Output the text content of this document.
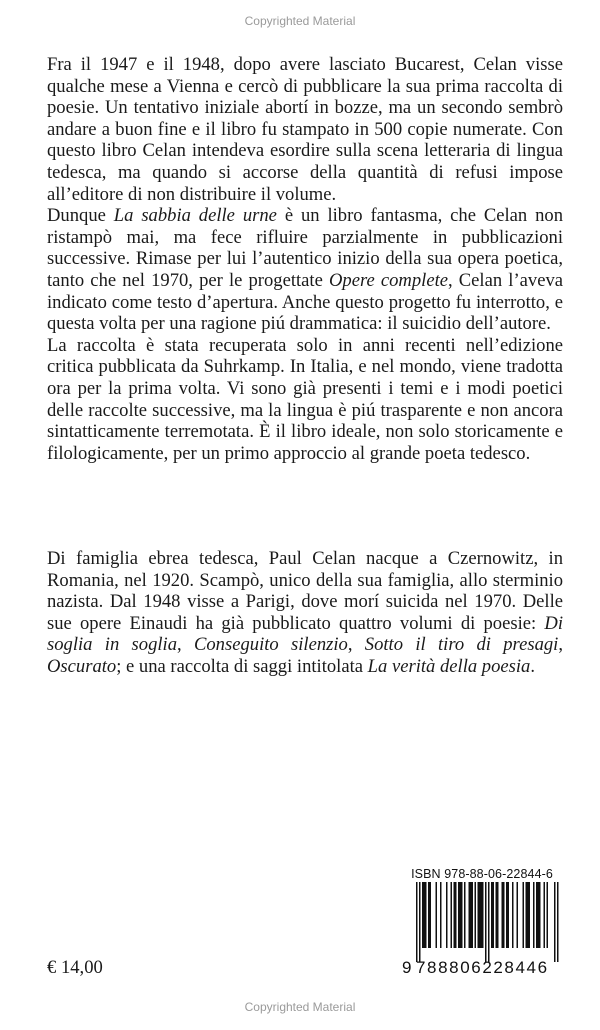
Copyrighted Material

Fra il 1947 e il 1948, dopo avere lasciato Bucarest, Celan visse qualche mese a Vienna e cercò di pubblicare la sua prima raccolta di poesie. Un tentativo iniziale abortí in bozze, ma un secondo sembrò andare a buon fine e il libro fu stampato in 500 copie numerate. Con questo libro Celan intendeva esordire sulla scena letteraria di lingua tedesca, ma quando si accorse della quantità di refusi impose all’editore di non distribuire il volume.

Dunque La sabbia delle urne è un libro fantasma, che Celan non ristampò mai, ma fece rifluire parzialmente in pubblicazioni successive. Rimase per lui l’autentico inizio della sua opera poetica, tanto che nel 1970, per le progettate Opere complete, Celan l’aveva indicato come testo d’apertura. Anche questo progetto fu interrotto, e questa volta per una ragione piú drammatica: il suicidio dell’autore.

La raccolta è stata recuperata solo in anni recenti nell’edizione critica pubblicata da Suhrkamp. In Italia, e nel mondo, viene tradotta ora per la prima volta. Vi sono già presenti i temi e i modi poetici delle raccolte successive, ma la lingua è piú trasparente e non ancora sintatticamente terremotata. È il libro ideale, non solo storicamente e filologicamente, per un primo approccio al grande poeta tedesco.

Di famiglia ebrea tedesca, Paul Celan nacque a Czernowitz, in Romania, nel 1920. Scampò, unico della sua famiglia, allo sterminio nazista. Dal 1948 visse a Parigi, dove morí suicida nel 1970. Delle sue opere Einaudi ha già pubblicato quattro volumi di poesie: Di soglia in soglia, Conseguito silenzio, Sotto il tiro di presagi, Oscurato; e una raccolta di saggi intitolata La verità della poesia.

€ 14,00
ISBN 978-88-06-22844-6
9 788806228446
Copyrighted Material
